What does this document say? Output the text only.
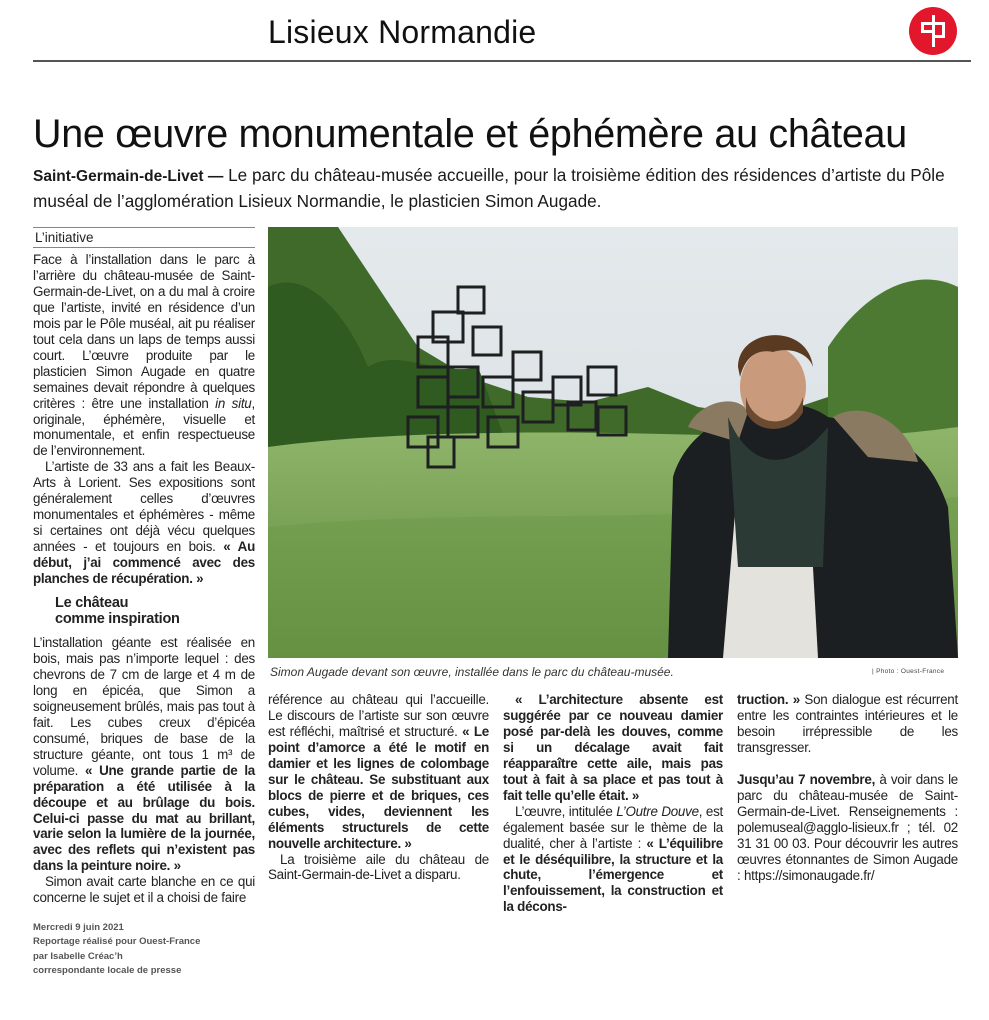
Lisieux Normandie
Une œuvre monumentale et éphémère au château

Saint-Germain-de-Livet — Le parc du château-musée accueille, pour la troisième édition des résidences d’artiste du Pôle muséal de l’agglomération Lisieux Normandie, le plasticien Simon Augade.

L’initiative

Face à l’installation dans le parc à l’arrière du château-musée de Saint-Germain-de-Livet, on a du mal à croire que l’artiste, invité en résidence d’un mois par le Pôle muséal, ait pu réaliser tout cela dans un laps de temps aussi court. L’œuvre produite par le plasticien Simon Augade en quatre semaines devait répondre à quelques critères : être une installation in situ, originale, éphémère, visuelle et monumentale, et enfin respectueuse de l’environnement.

L’artiste de 33 ans a fait les Beaux-Arts à Lorient. Ses expositions sont généralement celles d’œuvres monumentales et éphémères - même si certaines ont déjà vécu quelques années - et toujours en bois. « Au début, j’ai commencé avec des planches de récupération. »

Le château
comme inspiration

L’installation géante est réalisée en bois, mais pas n’importe lequel : des chevrons de 7 cm de large et 4 m de long en épicéa, que Simon a soigneusement brûlés, mais pas tout à fait. Les cubes creux d’épicéa consumé, briques de base de la structure géante, ont tous 1 m³ de volume. « Une grande partie de la préparation a été utilisée à la découpe et au brûlage du bois. Celui-ci passe du mat au brillant, varie selon la lumière de la journée, avec des reflets qui n’existent pas dans la peinture noire. »

Simon avait carte blanche en ce qui concerne le sujet et il a choisi de faire

Simon Augade devant son œuvre, installée dans le parc du château-musée.	| Photo : Ouest-France

référence au château qui l’accueille. Le discours de l’artiste sur son œuvre est réfléchi, maîtrisé et structuré. « Le point d’amorce a été le motif en damier et les lignes de colombage sur le château. Se substituant aux blocs de pierre et de briques, ces cubes, vides, deviennent les éléments structurels de cette nouvelle architecture. »

La troisième aile du château de Saint-Germain-de-Livet a disparu.

« L’architecture absente est suggérée par ce nouveau damier posé par-delà les douves, comme si un décalage avait fait réapparaître cette aile, mais pas tout à fait à sa place et pas tout à fait telle qu’elle était. »

L’œuvre, intitulée L’Outre Douve, est également basée sur le thème de la dualité, cher à l’artiste : « L’équilibre et le déséquilibre, la structure et la chute, l’émergence et l’enfouissement, la construction et la décons-

truction. » Son dialogue est récurrent entre les contraintes intérieures et le besoin irrépressible de les transgresser.

Jusqu’au 7 novembre, à voir dans le parc du château-musée de Saint-Germain-de-Livet. Renseignements : polemuseal@agglo-lisieux.fr ; tél. 02 31 31 00 03. Pour découvrir les autres œuvres étonnantes de Simon Augade : https://simonaugade.fr/

Mercredi 9 juin 2021
Reportage réalisé pour Ouest-France
par Isabelle Créac’h
correspondante locale de presse
